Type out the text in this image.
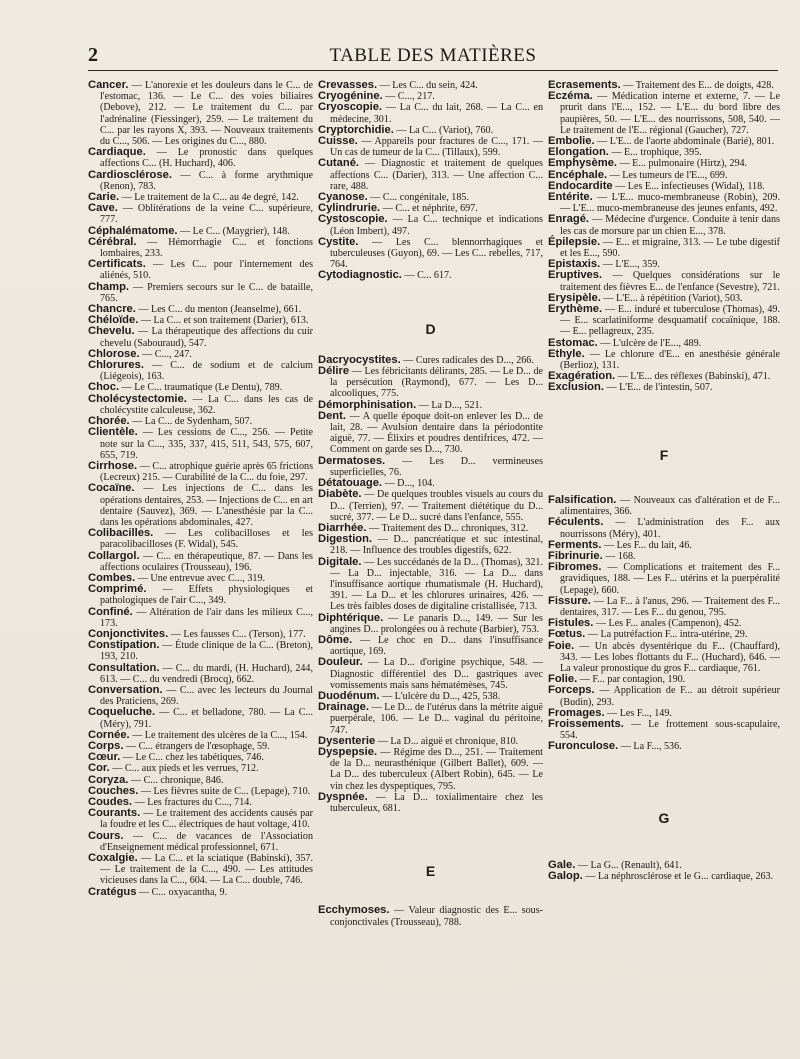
2	TABLE DES MATIÈRES

Cancer. — L'anorexie et les douleurs dans le C... de l'estomac, 136. — Le C... des voies biliaires (Debove), 212. — Le traitement du C... par l'adrénaline (Fiessinger), 259. — Le traitement du C... par les rayons X, 393. — Nouveaux traitements du C..., 506. — Les origines du C..., 880.

Cardiaque. — Le pronostic dans quelques affections C... (H. Huchard), 406.

Cardiosclérose. — C... à forme arythmique (Renon), 783.

Carie. — Le traitement de la C... au 4e degré, 142.

Cave. — Oblitérations de la veine C... supérieure, 777.

Céphalématome. — Le C... (Maygrier), 148.

Cérébral. — Hémorrhagie C... et fonctions lombaires, 233.

Certificats. — Les C... pour l'internement des aliénés, 510.

Champ. — Premiers secours sur le C... de bataille, 765.

Chancre. — Les C... du menton (Jeanselme), 661.

Chéloïde. — La C... et son traitement (Darier), 613.

Chevelu. — La thérapeutique des affections du cuir chevelu (Sabouraud), 547.

Chlorose. — C..., 247.

Chlorures. — C... de sodium et de calcium (Liégeois), 163.

Choc. — Le C... traumatique (Le Dentu), 789.

Cholécystectomie. — La C... dans les cas de cholécystite calculeuse, 362.

Chorée. — La C... de Sydenham, 507.

Clientèle. — Les cessions de C..., 256. — Petite note sur la C..., 335, 337, 415, 511, 543, 575, 607, 655, 719.

Cirrhose. — C... atrophique guérie après 65 frictions (Lecreux) 215. — Curabilité de la C... du foie, 297.

Cocaïne. — Les injections de C... dans les opérations dentaires, 253. — Injections de C... en art dentaire (Sauvez), 369. — L'anesthésie par la C... dans les opérations abdominales, 427.

Colibacilles. — Les colibacilloses et les paracolibacilloses (F. Widal), 545.

Collargol. — C... en thérapeutique, 87. — Dans les affections oculaires (Trousseau), 196.

Combes. — Une entrevue avec C..., 319.

Comprimé. — Effets physiologiques et pathologiques de l'air C..., 349.

Confiné. — Altération de l'air dans les milieux C..., 173.

Conjonctivites. — Les fausses C... (Terson), 177.

Constipation. — Étude clinique de la C... (Breton), 193, 210.

Consultation. — C... du mardi, (H. Huchard), 244, 613. — C... du vendredi (Brocq), 662.

Conversation. — C... avec les lecteurs du Journal des Praticiens, 269.

Coqueluche. — C... et belladone, 780. — La C... (Méry), 791.

Cornée. — Le traitement des ulcères de la C..., 154.

Corps. — C... étrangers de l'œsophage, 59.

Cœur. — Le C... chez les tabétiques, 746.

Cor. — C... aux pieds et les verrues, 712.

Coryza. — C... chronique, 846.

Couches. — Les fièvres suite de C... (Lepage), 710.

Coudes. — Les fractures du C..., 714.

Courants. — Le traitement des accidents causés par la foudre et les C... électriques de haut voltage, 410.

Cours. — C... de vacances de l'Association d'Enseignement médical professionnel, 671.

Coxalgie. — La C... et la sciatique (Babinski), 357. — Le traitement de la C..., 490. — Les attitudes vicieuses dans la C..., 604. — La C... double, 746.

Cratégus — C... oxyacantha, 9.

Crevasses. — Les C... du sein, 424.

Cryogénine. — C..., 217.

Cryoscopie. — La C... du lait, 268. — La C... en médecine, 301.

Cryptorchidie. — La C... (Variot), 760.

Cuisse. — Appareils pour fractures de C..., 171. — Un cas de tumeur de la C... (Tillaux), 599.

Cutané. — Diagnostic et traitement de quelques affections C... (Darier), 313. — Une affection C... rare, 488.

Cyanose. — C... congénitale, 185.

Cylindrurie. — C... et néphrite, 697.

Cystoscopie. — La C... technique et indications (Léon Imbert), 497.

Cystite. — Les C... blennorrhagiques et tuberculeuses (Guyon), 69. — Les C... rebelles, 717, 764.

Cytodiagnostic. — C... 617.

D

Dacryocystites. — Cures radicales des D..., 266.

Délire — Les fébricitants délirants, 285. — Le D... de la persécution (Raymond), 677. — Les D... alcooliques, 775.

Démorphinisation. — La D..., 521.

Dent. — A quelle époque doit-on enlever les D... de lait, 28. — Avulsion dentaire dans la périodontite aiguë, 77. — Élixirs et poudres dentifrices, 472. — Comment on garde ses D..., 730.

Dermatoses. — Les D... vermineuses superficielles, 76.

Détatouage. — D..., 104.

Diabète. — De quelques troubles visuels au cours du D... (Terrien), 97. — Traitement diététique du D... sucré, 377. — Le D... sucré dans l'enfance, 555.

Diarrhée. — Traitement des D... chroniques, 312.

Digestion. — D... pancréatique et suc intestinal, 218. — Influence des troubles digestifs, 622.

Digitale. — Les succédanés de la D... (Thomas), 321. — La D... injectable, 316. — La D... dans l'insuffisance aortique rhumatismale (H. Huchard), 391. — La D... et les chlorures urinaires, 426. — Les très faibles doses de digitaline cristallisée, 713.

Diphtérique. — Le panaris D..., 149. — Sur les angines D... prolongées ou à rechute (Barbier), 753.

Dôme. — Le choc en D... dans l'insuffisance aortique, 169.

Douleur. — La D... d'origine psychique, 548. — Diagnostic différentiel des D... gastriques avec vomissements mais sans hématémèses, 745.

Duodénum. — L'ulcère du D..., 425, 538.

Drainage. — Le D... de l'utérus dans la métrite aiguë puerpérale, 106. — Le D... vaginal du péritoine, 747.

Dysenterie — La D... aiguë et chronique, 810.

Dyspepsie. — Régime des D..., 251. — Traitement de la D... neurasthénique (Gilbert Ballet), 609. — La D... des tuberculeux (Albert Robin), 645. — Le vin chez les dyspeptiques, 795.

Dyspnée. — La D... toxialimentaire chez les tuberculeux, 681.

E

Ecchymoses. — Valeur diagnostic des E... sous-conjonctivales (Trousseau), 788.

Ecrasements. — Traitement des E... de doigts, 428.

Eczéma. — Médication interne et externe, 7. — Le prurit dans l'E..., 152. — L'E... du bord libre des paupières, 50. — L'E... des nourrissons, 508, 540. — Le traitement de l'E... régional (Gaucher), 727.

Embolie. — L'E... de l'aorte abdominale (Barié), 801.

Elongation. — E... trophique, 395.

Emphysème. — E... pulmonaire (Hirtz), 294.

Encéphale. — Les tumeurs de l'E..., 699.

Endocardite — Les E... infectieuses (Widal), 118.

Entérite. — L'E... muco-membraneuse (Robin), 209. — L'E... muco-membraneuse des jeunes enfants, 492.

Enragé. — Médecine d'urgence. Conduite à tenir dans les cas de morsure par un chien E..., 378.

Épilepsie. — E... et migraine, 313. — Le tube digestif et les E..., 590.

Epistaxis. — L'E..., 359.

Eruptives. — Quelques considérations sur le traitement des fièvres E... de l'enfance (Sevestre), 721.

Erysipèle. — L'E... à répétition (Variot), 503.

Erythème. — E... induré et tuberculose (Thomas), 49. — E... scarlatiniforme desquamatif cocaïnique, 188. — E... pellagreux, 235.

Estomac. — L'ulcère de l'E..., 489.

Ethyle. — Le chlorure d'E... en anesthésie générale (Berlioz), 131.

Exagération. — L'E... des réflexes (Babinski), 471.

Exclusion. — L'E... de l'intestin, 507.

F

Falsification. — Nouveaux cas d'altération et de F... alimentaires, 366.

Féculents. — L'administration des F... aux nourrissons (Méry), 401.

Ferments. — Les F... du lait, 46.

Fibrinurie. — 168.

Fibromes. — Complications et traitement des F... gravidiques, 188. — Les F... utérins et la puerpéralité (Lepage), 660.

Fissure. — La F... à l'anus, 296. — Traitement des F... dentaires, 317. — Les F... du genou, 795.

Fistules. — Les F... anales (Campenon), 452.

Fœtus. — La putréfaction F... intra-utérine, 29.

Foie. — Un abcès dysentérique du F... (Chauffard), 343. — Les lobes flottants du F... (Huchard), 646. — La valeur pronostique du gros F... cardiaque, 761.

Folie. — F... par contagion, 190.

Forceps. — Application de F... au détroit supérieur (Budin), 293.

Fromages. — Les F..., 149.

Froissements. — Le frottement sous-scapulaire, 554.

Furonculose. — La F..., 536.

G

Gale. — La G... (Renault), 641.

Galop. — La néphrosclérose et le G... cardiaque, 263.
